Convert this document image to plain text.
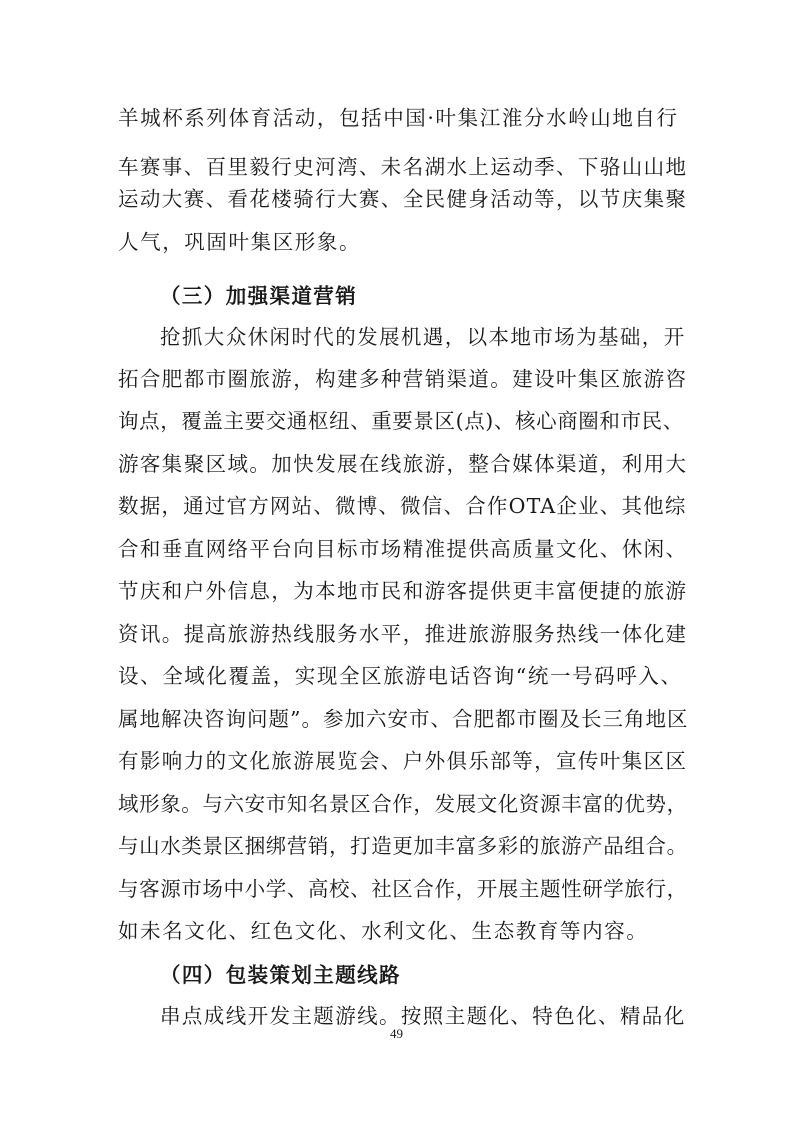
羊城杯系列体育活动，包括中国·叶集江淮分水岭山地自行
车赛事、百里毅行史河湾、未名湖水上运动季、下骆山山地
运动大赛、看花楼骑行大赛、全民健身活动等，以节庆集聚
人气，巩固叶集区形象。
（三）加强渠道营销
抢抓大众休闲时代的发展机遇，以本地市场为基础，开
拓合肥都市圈旅游，构建多种营销渠道。建设叶集区旅游咨
询点，覆盖主要交通枢纽、重要景区(点)、核心商圈和市民、
游客集聚区域。加快发展在线旅游，整合媒体渠道，利用大
数据，通过官方网站、微博、微信、合作OTA企业、其他综
合和垂直网络平台向目标市场精准提供高质量文化、休闲、
节庆和户外信息，为本地市民和游客提供更丰富便捷的旅游
资讯。提高旅游热线服务水平，推进旅游服务热线一体化建
设、全域化覆盖，实现全区旅游电话咨询“统一号码呼入、
属地解决咨询问题”。参加六安市、合肥都市圈及长三角地区
有影响力的文化旅游展览会、户外俱乐部等，宣传叶集区区
域形象。与六安市知名景区合作，发展文化资源丰富的优势，
与山水类景区捆绑营销，打造更加丰富多彩的旅游产品组合。
与客源市场中小学、高校、社区合作，开展主题性研学旅行，
如未名文化、红色文化、水利文化、生态教育等内容。
（四）包装策划主题线路
串点成线开发主题游线。按照主题化、特色化、精品化
49
